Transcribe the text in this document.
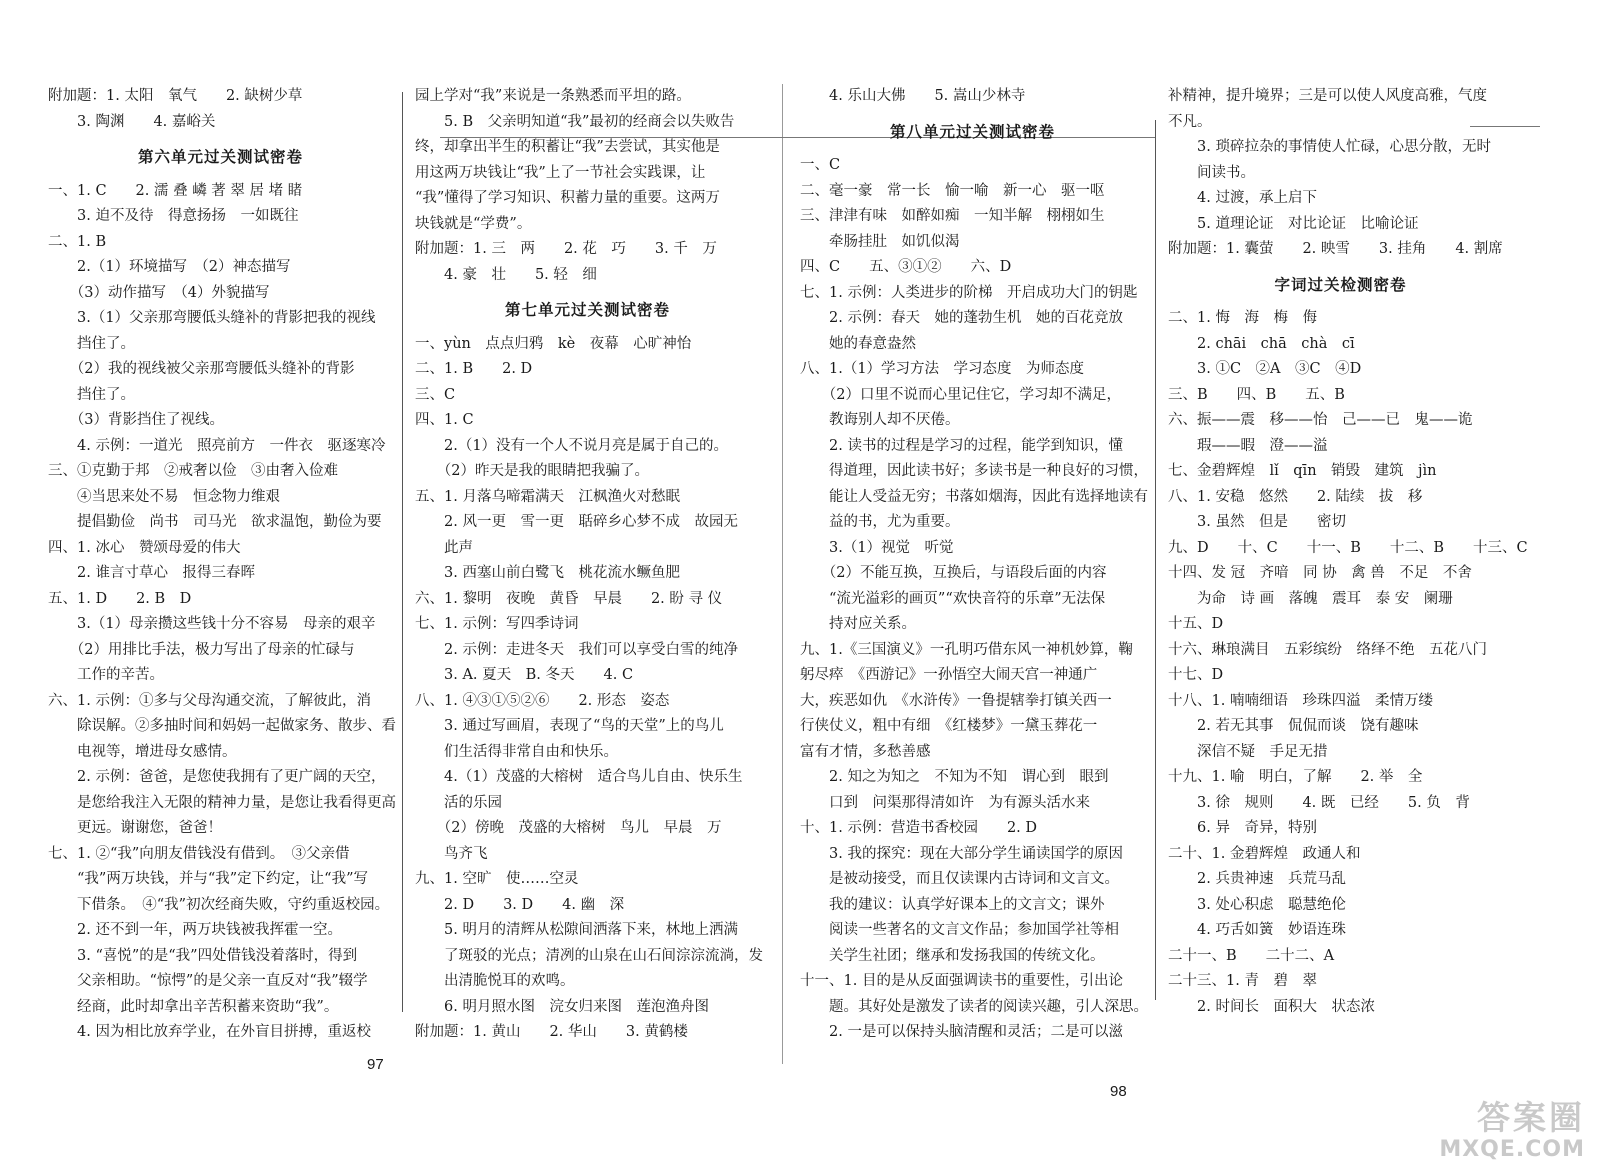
附加题：1. 太阳　氧气　　2. 缺树少草
　　3. 陶渊　　4. 嘉峪关
第六单元过关测试密卷
一、1. C　　2. 濡 叠 嶙 著 翠 居 堵 睹
　　3. 迫不及待　得意扬扬　一如既往
二、1. B
　　2.（1）环境描写　（2）神态描写
　　（3）动作描写　（4）外貌描写
　　3.（1）父亲那弯腰低头缝补的背影把我的视线
　　挡住了。
　　（2）我的视线被父亲那弯腰低头缝补的背影
　　挡住了。
　　（3）背影挡住了视线。
　　4. 示例：一道光　照亮前方　一件衣　驱逐寒冷
三、①克勤于邦　②戒奢以俭　③由奢入俭难
　　④当思来处不易　恒念物力维艰
　　提倡勤俭　尚书　司马光　欲求温饱，勤俭为要
四、1. 冰心　赞颂母爱的伟大
　　2. 谁言寸草心　报得三春晖
五、1. D　　2. B　D
　　3.（1）母亲攒这些钱十分不容易　母亲的艰辛
　　（2）用排比手法，极力写出了母亲的忙碌与
　　工作的辛苦。
六、1. 示例：①多与父母沟通交流，了解彼此，消
　　除误解。②多抽时间和妈妈一起做家务、散步、看
　　电视等，增进母女感情。
　　2. 示例：爸爸，是您使我拥有了更广阔的天空，
　　是您给我注入无限的精神力量，是您让我看得更高
　　更远。谢谢您，爸爸！
七、1. ②“我”向朋友借钱没有借到。　③父亲借
　　“我”两万块钱，并与“我”定下约定，让“我”写
　　下借条。　④“我”初次经商失败，守约重返校园。
　　2. 还不到一年，两万块钱被我挥霍一空。
　　3. “喜悦”的是“我”四处借钱没着落时，得到
　　父亲相助。“惊愕”的是父亲一直反对“我”辍学
　　经商，此时却拿出辛苦积蓄来资助“我”。
　　4. 因为相比放弃学业，在外盲目拼搏，重返校
园上学对“我”来说是一条熟悉而平坦的路。
　　5. B　父亲明知道“我”最初的经商会以失败告
终，却拿出半生的积蓄让“我”去尝试，其实他是
用这两万块钱让“我”上了一节社会实践课，让
“我”懂得了学习知识、积蓄力量的重要。这两万
块钱就是“学费”。
附加题：1. 三　两　　2. 花　巧　　3. 千　万
　　4. 豪　壮　　5. 轻　细
第七单元过关测试密卷
一、yùn　点点归鸦　kè　夜幕　心旷神怡
二、1. B　　2. D
三、C
四、1. C
　　2.（1）没有一个人不说月亮是属于自己的。
　　（2）昨天是我的眼睛把我骗了。
五、1. 月落乌啼霜满天　江枫渔火对愁眠
　　2. 风一更　雪一更　聒碎乡心梦不成　故园无
　　此声
　　3. 西塞山前白鹭飞　桃花流水鳜鱼肥
六、1. 黎明　夜晚　黄昏　早晨　　2. 盼 寻 仪
七、1. 示例：写四季诗词
　　2. 示例：走进冬天　我们可以享受白雪的纯净
　　3. A. 夏天　B. 冬天　　4. C
八、1. ④③①⑤②⑥　　2. 形态　姿态
　　3. 通过写画眉，表现了“鸟的天堂”上的鸟儿
　　们生活得非常自由和快乐。
　　4.（1）茂盛的大榕树　适合鸟儿自由、快乐生
　　活的乐园
　　（2）傍晚　茂盛的大榕树　鸟儿　早晨　万
　　鸟齐飞
九、1. 空旷　使……空灵
　　2. D　　3. D　　4. 幽　深
　　5. 明月的清辉从松隙间洒落下来，林地上洒满
　　了斑驳的光点；清冽的山泉在山石间淙淙流淌，发
　　出清脆悦耳的欢鸣。
　　6. 明月照水图　浣女归来图　莲泡渔舟图
附加题：1. 黄山　　2. 华山　　3. 黄鹤楼
　　4. 乐山大佛　　5. 嵩山少林寺
第八单元过关测试密卷
一、C
二、毫一豪　常一长　愉一喻　新一心　驱一呕
三、津津有味　如醉如痴　一知半解　栩栩如生
　　牵肠挂肚　如饥似渴
四、C　　五、③①②　　六、D
七、1. 示例：人类进步的阶梯　开启成功大门的钥匙
　　2. 示例：春天　她的蓬勃生机　她的百花竞放
　　她的春意盎然
八、1.（1）学习方法　学习态度　为师态度
　　（2）口里不说而心里记住它，学习却不满足，
　　教诲别人却不厌倦。
　　2. 读书的过程是学习的过程，能学到知识，懂
　　得道理，因此读书好；多读书是一种良好的习惯，
　　能让人受益无穷；书落如烟海，因此有选择地读有
　　益的书，尤为重要。
　　3.（1）视觉　听觉
　　（2）不能互换，互换后，与语段后面的内容
　　“流光溢彩的画页”“欢快音符的乐章”无法保
　　持对应关系。
九、1.《三国演义》一孔明巧借东风一神机妙算，鞠
躬尽瘁　《西游记》一孙悟空大闹天宫一神通广
大，疾恶如仇　《水浒传》一鲁提辖拳打镇关西一
行侠仗义，粗中有细　《红楼梦》一黛玉葬花一
富有才情，多愁善感
　　2. 知之为知之　不知为不知　谓心到　眼到
　　口到　问渠那得清如许　为有源头活水来
十、1. 示例：营造书香校园　　2. D
　　3. 我的探究：现在大部分学生诵读国学的原因
　　是被动接受，而且仅读课内古诗词和文言文。
　　我的建议：认真学好课本上的文言文；课外
　　阅读一些著名的文言文作品；参加国学社等相
　　关学生社团；继承和发扬我国的传统文化。
十一、1. 目的是从反面强调读书的重要性，引出论
　　题。其好处是激发了读者的阅读兴趣，引人深思。
　　2. 一是可以保持头脑清醒和灵活；二是可以滋
补精神，提升境界；三是可以使人风度高雅，气度
不凡。
　　3. 琐碎拉杂的事情使人忙碌，心思分散，无时
　　间读书。
　　4. 过渡，承上启下
　　5. 道理论证　对比论证　比喻论证
附加题：1. 囊萤　　2. 映雪　　3. 挂角　　4. 割席
字词过关检测密卷
二、1. 悔　海　梅　侮
　　2. chāi　chā　chà　cī
　　3. ①C　②A　③C　④D
三、B　　四、B　　五、B
六、振——震　移——怡　己——已　鬼——诡
　　瑕——暇　澄——溢
七、金碧辉煌　lǐ　qīn　销毁　建筑　jìn
八、1. 安稳　悠然　　2. 陆续　拔　移
　　3. 虽然　但是　　密切
九、D　　十、C　　十一、B　　十二、B　　十三、C
十四、发 冠　齐喑　同 协　禽 兽　不足　不舍
　　为命　诗 画　落魄　震耳　泰 安　阑珊
十五、D
十六、琳琅满目　五彩缤纷　络绎不绝　五花八门
十七、D
十八、1. 喃喃细语　珍珠四溢　柔情万缕
　　2. 若无其事　侃侃而谈　饶有趣味
　　深信不疑　手足无措
十九、1. 喻　明白，了解　　2. 举　全
　　3. 徐　规则　　4. 既　已经　　5. 负　背
　　6. 异　奇异，特别
二十、1. 金碧辉煌　政通人和
　　2. 兵贵神速　兵荒马乱
　　3. 处心积虑　聪慧绝伦
　　4. 巧舌如簧　妙语连珠
二十一、B　　二十二、A
二十三、1. 青　碧　翠
　　2. 时间长　面积大　状态浓
97
98
答案圈
MXQE.COM
